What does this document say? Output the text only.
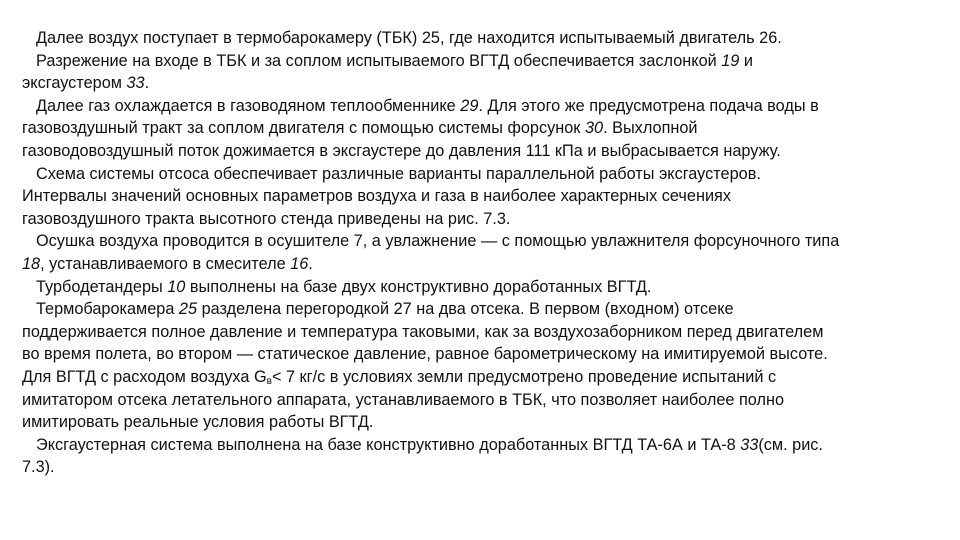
Далее воздух поступает в термобарокамеру (ТБК) 25, где находится испытываемый двигатель 26.

Разрежение на входе в ТБК и за соплом испытываемого ВГТД обеспечивается заслонкой 19 и
эксгаустером 33.

Далее газ охлаждается в газоводяном теплообменнике 29. Для этого же предусмотрена подача воды в
газовоздушный тракт за соплом двигателя с помощью системы форсунок 30. Выхлопной
газоводовоздушный поток дожимается в эксгаустере до давления 111 кПа и выбрасывается наружу.

Схема системы отсоса обеспечивает различные варианты параллельной работы эксгаустеров.
Интервалы значений основных параметров воздуха и газа в наиболее характерных сечениях
газовоздушного тракта высотного стенда приведены на рис. 7.3.

Осушка воздуха проводится в осушителе 7, а увлажнение — с помощью увлажнителя форсуночного типа
18, устанавливаемого в смесителе 16.

Турбодетандеры 10 выполнены на базе двух конструктивно доработанных ВГТД.

Термобарокамера 25 разделена перегородкой 27 на два отсека. В первом (входном) отсеке
поддерживается полное давление и температура таковыми, как за воздухозаборником перед двигателем
во время полета, во втором — статическое давление, равное барометрическому на имитируемой высоте.
Для ВГТД с расходом воздуха $G_в< 7$ кг/с в условиях земли предусмотрено проведение испытаний с
имитатором отсека летательного аппарата, устанавливаемого в ТБК, что позволяет наиболее полно
имитировать реальные условия работы ВГТД.

Эксгаустерная система выполнена на базе конструктивно доработанных ВГТД ТА-6А и ТА-8 33(см. рис.
7.3).
